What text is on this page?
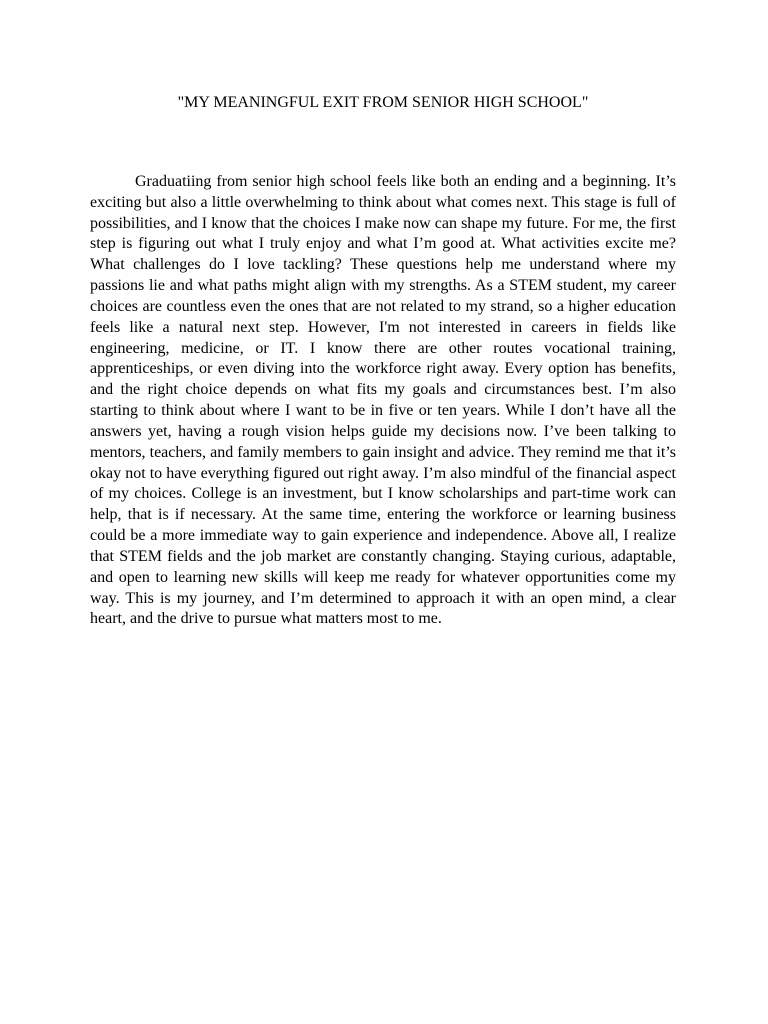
"MY MEANINGFUL EXIT FROM SENIOR HIGH SCHOOL"

Graduatiing from senior high school feels like both an ending and a beginning. It’s exciting but also a little overwhelming to think about what comes next. This stage is full of possibilities, and I know that the choices I make now can shape my future. For me, the first step is figuring out what I truly enjoy and what I’m good at. What activities excite me? What challenges do I love tackling? These questions help me understand where my passions lie and what paths might align with my strengths. As a STEM student, my career choices are countless even the ones that are not related to my strand, so a higher education feels like a natural next step. However, I'm not interested in careers in fields like engineering, medicine, or IT. I know there are other routes vocational training, apprenticeships, or even diving into the workforce right away. Every option has benefits, and the right choice depends on what fits my goals and circumstances best. I’m also starting to think about where I want to be in five or ten years. While I don’t have all the answers yet, having a rough vision helps guide my decisions now. I’ve been talking to mentors, teachers, and family members to gain insight and advice. They remind me that it’s okay not to have everything figured out right away. I’m also mindful of the financial aspect of my choices. College is an investment, but I know scholarships and part-time work can help, that is if necessary. At the same time, entering the workforce or learning business could be a more immediate way to gain experience and independence. Above all, I realize that STEM fields and the job market are constantly changing. Staying curious, adaptable, and open to learning new skills will keep me ready for whatever opportunities come my way. This is my journey, and I’m determined to approach it with an open mind, a clear heart, and the drive to pursue what matters most to me.
